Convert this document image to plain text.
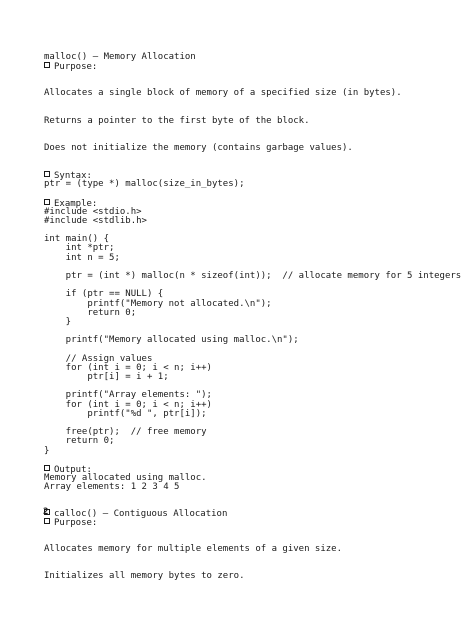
malloc() — Memory Allocation
Purpose:
Allocates a single block of memory of a specified size (in bytes).
Returns a pointer to the first byte of the block.
Does not initialize the memory (contains garbage values).
Syntax:
ptr = (type *) malloc(size_in_bytes);
Example:
#include <stdio.h>
#include <stdlib.h>
int main() {
int *ptr;
int n = 5;
ptr = (int *) malloc(n * sizeof(int));  // allocate memory for 5 integers
if (ptr == NULL) {
printf("Memory not allocated.\n");
return 0;
}
printf("Memory allocated using malloc.\n");
// Assign values
for (int i = 0; i < n; i++)
ptr[i] = i + 1;
printf("Array elements: ");
for (int i = 0; i < n; i++)
printf("%d ", ptr[i]);
free(ptr);  // free memory
return 0;
}
Output:
Memory allocated using malloc.
Array elements: 1 2 3 4 5
2 calloc() — Contiguous Allocation
Purpose:
Allocates memory for multiple elements of a given size.
Initializes all memory bytes to zero.
